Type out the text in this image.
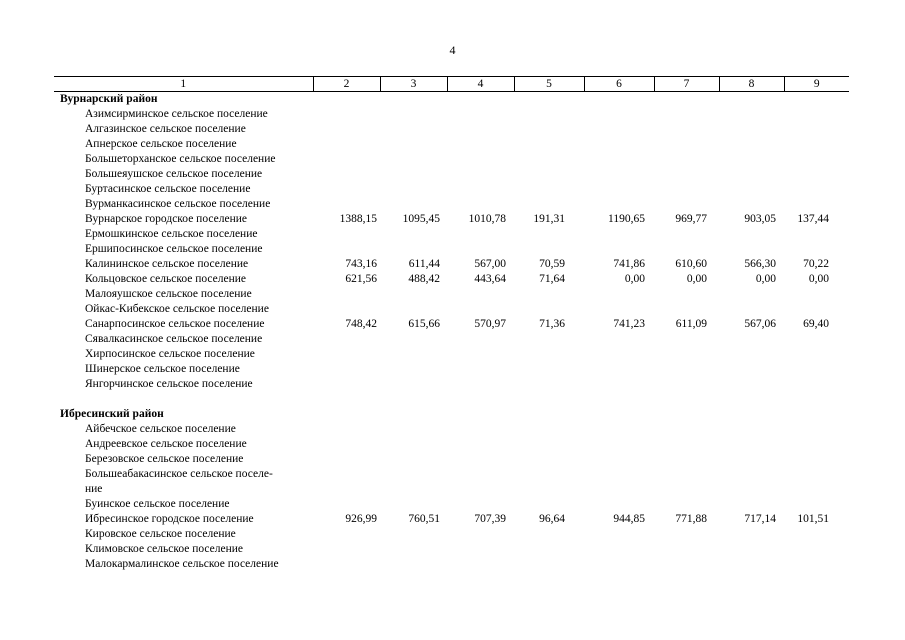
4
1	2	3	4	5	6	7	8	9
Вурнарский район								
Азимсирминское сельское поселение								
Алгазинское сельское поселение								
Апнерское сельское поселение								
Большеторханское сельское поселение								
Большеяушское сельское поселение								
Буртасинское сельское поселение								
Вурманкасинское сельское поселение								
Вурнарское городское поселение	1388,15	1095,45	1010,78	191,31	1190,65	969,77	903,05	137,44
Ермошкинское сельское поселение								
Ершипосинское сельское поселение								
Калининское сельское поселение	743,16	611,44	567,00	70,59	741,86	610,60	566,30	70,22
Кольцовское сельское поселение	621,56	488,42	443,64	71,64	0,00	0,00	0,00	0,00
Малояушское сельское поселение								
Ойкас-Кибекское сельское поселение								
Санарпосинское сельское поселение	748,42	615,66	570,97	71,36	741,23	611,09	567,06	69,40
Сявалкасинское сельское поселение								
Хирпосинское сельское поселение								
Шинерское сельское поселение								
Янгорчинское сельское поселение								

Ибресинский район								
Айбечское сельское поселение								
Андреевское сельское поселение								
Березовское сельское поселение								
Большеабакасинское сельское поселе-								
ние								
Буинское сельское поселение								
Ибресинское городское поселение	926,99	760,51	707,39	96,64	944,85	771,88	717,14	101,51
Кировское сельское поселение								
Климовское сельское поселение								
Малокармалинское сельское поселение								
